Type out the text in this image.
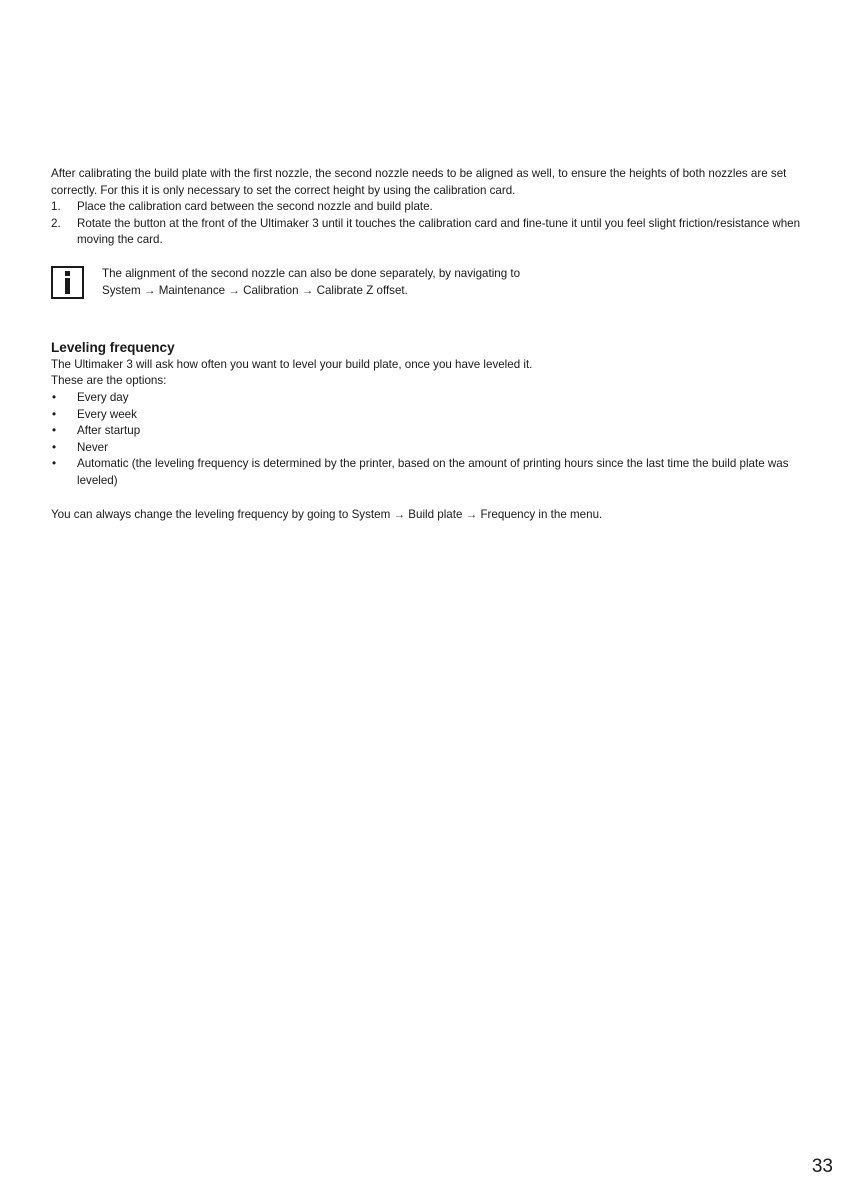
After calibrating the build plate with the first nozzle, the second nozzle needs to be aligned as well, to ensure the heights of both nozzles are set correctly. For this it is only necessary to set the correct height by using the calibration card.

1. Place the calibration card between the second nozzle and build plate.
2. Rotate the button at the front of the Ultimaker 3 until it touches the calibration card and fine-tune it until you feel slight friction/resistance when moving the card.
The alignment of the second nozzle can also be done separately, by navigating to
System → Maintenance → Calibration → Calibrate Z offset.
Leveling frequency

The Ultimaker 3 will ask how often you want to level your build plate, once you have leveled it.

These are the options:

• Every day
• Every week
• After startup
• Never
• Automatic (the leveling frequency is determined by the printer, based on the amount of printing hours since the last time the build plate was leveled)

You can always change the leveling frequency by going to System → Build plate → Frequency in the menu.

33
